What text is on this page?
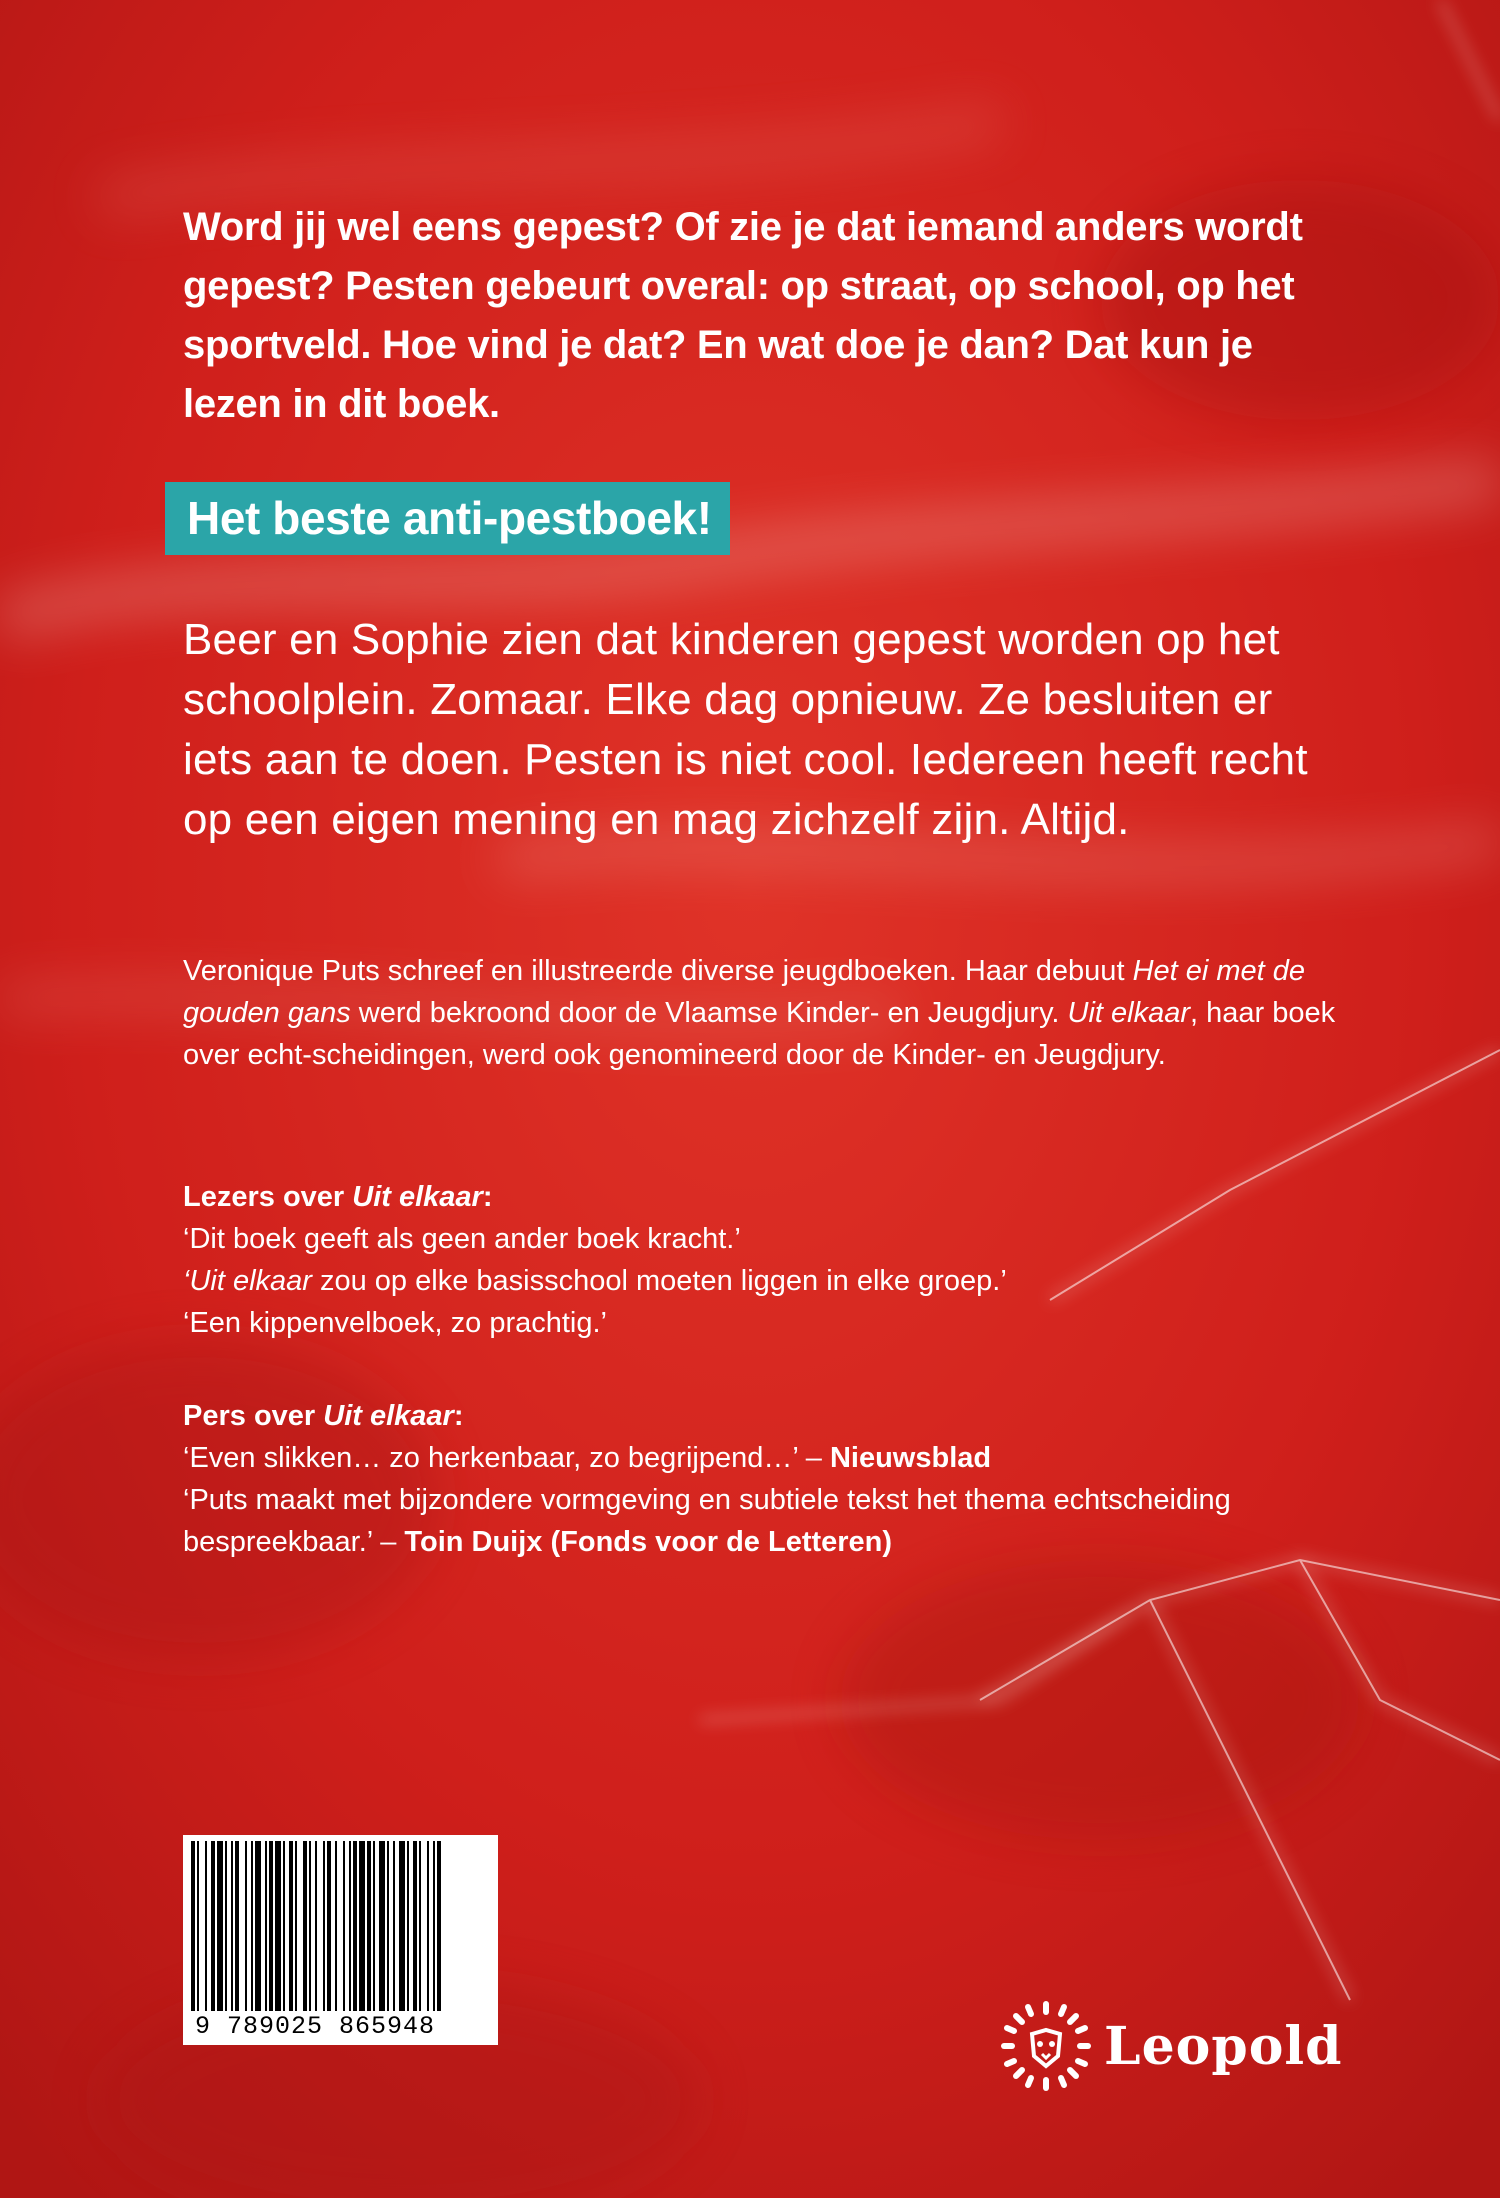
Word jij wel eens gepest? Of zie je dat iemand anders wordt gepest? Pesten gebeurt overal: op straat, op school, op het sportveld. Hoe vind je dat? En wat doe je dan? Dat kun je lezen in dit boek.
Het beste anti-pestboek!
Beer en Sophie zien dat kinderen gepest worden op het schoolplein. Zomaar. Elke dag opnieuw. Ze besluiten er iets aan te doen. Pesten is niet cool. Iedereen heeft recht op een eigen mening en mag zichzelf zijn. Altijd.
Veronique Puts schreef en illustreerde diverse jeugdboeken. Haar debuut Het ei met de gouden gans werd bekroond door de Vlaamse Kinder- en Jeugdjury. Uit elkaar, haar boek over echt-scheidingen, werd ook genomineerd door de Kinder- en Jeugdjury.
Lezers over Uit elkaar:
‘Dit boek geeft als geen ander boek kracht.’
‘Uit elkaar zou op elke basisschool moeten liggen in elke groep.’
‘Een kippenvelboek, zo prachtig.’
Pers over Uit elkaar:
‘Even slikken… zo herkenbaar, zo begrijpend…’ – Nieuwsblad
‘Puts maakt met bijzondere vormgeving en subtiele tekst het thema echtscheiding bespreekbaar.’ – Toin Duijx (Fonds voor de Letteren)
9 789025 865948	Leopold
